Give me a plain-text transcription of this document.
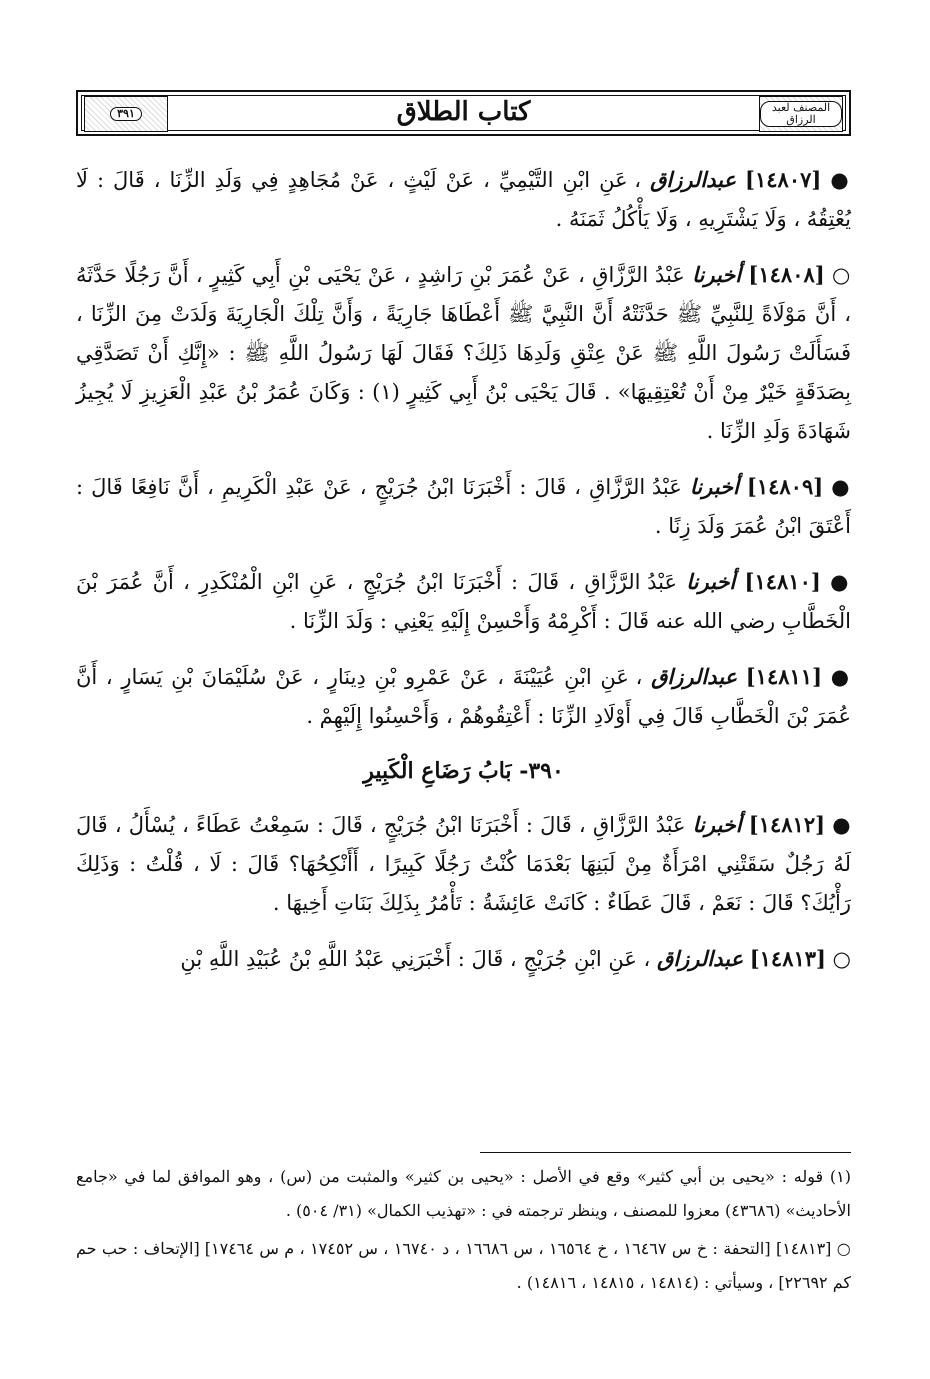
المصنف لعبد الرزاق
كتاب الطلاق
٣٩١

● [١٤٨٠٧] عبدالرزاق ، عَنِ ابْنِ التَّيْمِيِّ ، عَنْ لَيْثٍ ، عَنْ مُجَاهِدٍ فِي وَلَدِ الزِّنَا ، قَالَ : لَا يُعْتِقُهُ ، وَلَا يَشْتَرِيهِ ، وَلَا يَأْكُلُ ثَمَنَهُ .

○ [١٤٨٠٨] أخبرنا عَبْدُ الرَّزَّاقِ ، عَنْ عُمَرَ بْنِ رَاشِدٍ ، عَنْ يَحْيَى بْنِ أَبِي كَثِيرٍ ، أَنَّ رَجُلًا حَدَّثَهُ ، أَنَّ مَوْلَاةً لِلنَّبِيِّ ﷺ حَدَّثَتْهُ أَنَّ النَّبِيَّ ﷺ أَعْطَاهَا جَارِيَةً ، وَأَنَّ تِلْكَ الْجَارِيَةَ وَلَدَتْ مِنَ الزِّنَا ، فَسَأَلَتْ رَسُولَ اللَّهِ ﷺ عَنْ عِتْقِ وَلَدِهَا ذَلِكَ؟ فَقَالَ لَهَا رَسُولُ اللَّهِ ﷺ : «إِنَّكِ أَنْ تَصَدَّقِي بِصَدَقَةٍ خَيْرٌ مِنْ أَنْ تُعْتِقِيهَا» . قَالَ يَحْيَى بْنُ أَبِي كَثِيرٍ (١) : وَكَانَ عُمَرُ بْنُ عَبْدِ الْعَزِيزِ لَا يُجِيزُ شَهَادَةَ وَلَدِ الزِّنَا .

● [١٤٨٠٩] أخبرنا عَبْدُ الرَّزَّاقِ ، قَالَ : أَخْبَرَنَا ابْنُ جُرَيْجٍ ، عَنْ عَبْدِ الْكَرِيمِ ، أَنَّ نَافِعًا قَالَ : أَعْتَقَ ابْنُ عُمَرَ وَلَدَ زِنًا .

● [١٤٨١٠] أخبرنا عَبْدُ الرَّزَّاقِ ، قَالَ : أَخْبَرَنَا ابْنُ جُرَيْجٍ ، عَنِ ابْنِ الْمُنْكَدِرِ ، أَنَّ عُمَرَ بْنَ الْخَطَّابِ رضي الله عنه قَالَ : أَكْرِمْهُ وَأَحْسِنْ إِلَيْهِ يَعْنِي : وَلَدَ الزِّنَا .

● [١٤٨١١] عبدالرزاق ، عَنِ ابْنِ عُيَيْنَةَ ، عَنْ عَمْرِو بْنِ دِينَارٍ ، عَنْ سُلَيْمَانَ بْنِ يَسَارٍ ، أَنَّ عُمَرَ بْنَ الْخَطَّابِ قَالَ فِي أَوْلَادِ الزِّنَا : أَعْتِقُوهُمْ ، وَأَحْسِنُوا إِلَيْهِمْ .

٣٩٠- بَابُ رَضَاعِ الْكَبِيرِ

● [١٤٨١٢] أخبرنا عَبْدُ الرَّزَّاقِ ، قَالَ : أَخْبَرَنَا ابْنُ جُرَيْجٍ ، قَالَ : سَمِعْتُ عَطَاءً ، يُسْأَلُ ، قَالَ لَهُ رَجُلٌ سَقَتْنِي امْرَأَةٌ مِنْ لَبَنِهَا بَعْدَمَا كُنْتُ رَجُلًا كَبِيرًا ، أَأَنْكِحُهَا؟ قَالَ : لَا ، قُلْتُ : وَذَلِكَ رَأْيُكَ؟ قَالَ : نَعَمْ ، قَالَ عَطَاءٌ : كَانَتْ عَائِشَةُ : تَأْمُرُ بِذَلِكَ بَنَاتِ أَخِيهَا .

○ [١٤٨١٣] عبدالرزاق ، عَنِ ابْنِ جُرَيْجٍ ، قَالَ : أَخْبَرَنِي عَبْدُ اللَّهِ بْنُ عُبَيْدِ اللَّهِ بْنِ

(١) قوله : «يحيى بن أبي كثير» وقع في الأصل : «يحيى بن كثير» والمثبت من (س) ، وهو الموافق لما في «جامع الأحاديث» (٤٣٦٨٦) معزوا للمصنف ، وينظر ترجمته في : «تهذيب الكمال» (٣١/ ٥٠٤) .

○ [١٤٨١٣] [التحفة : خ س ١٦٤٦٧ ، خ ١٦٥٦٤ ، س ١٦٦٨٦ ، د ١٦٧٤٠ ، س ١٧٤٥٢ ، م س ١٧٤٦٤] [الإتحاف : حب حم كم ٢٢٦٩٢] ، وسيأتي : (١٤٨١٤ ، ١٤٨١٥ ، ١٤٨١٦) .
